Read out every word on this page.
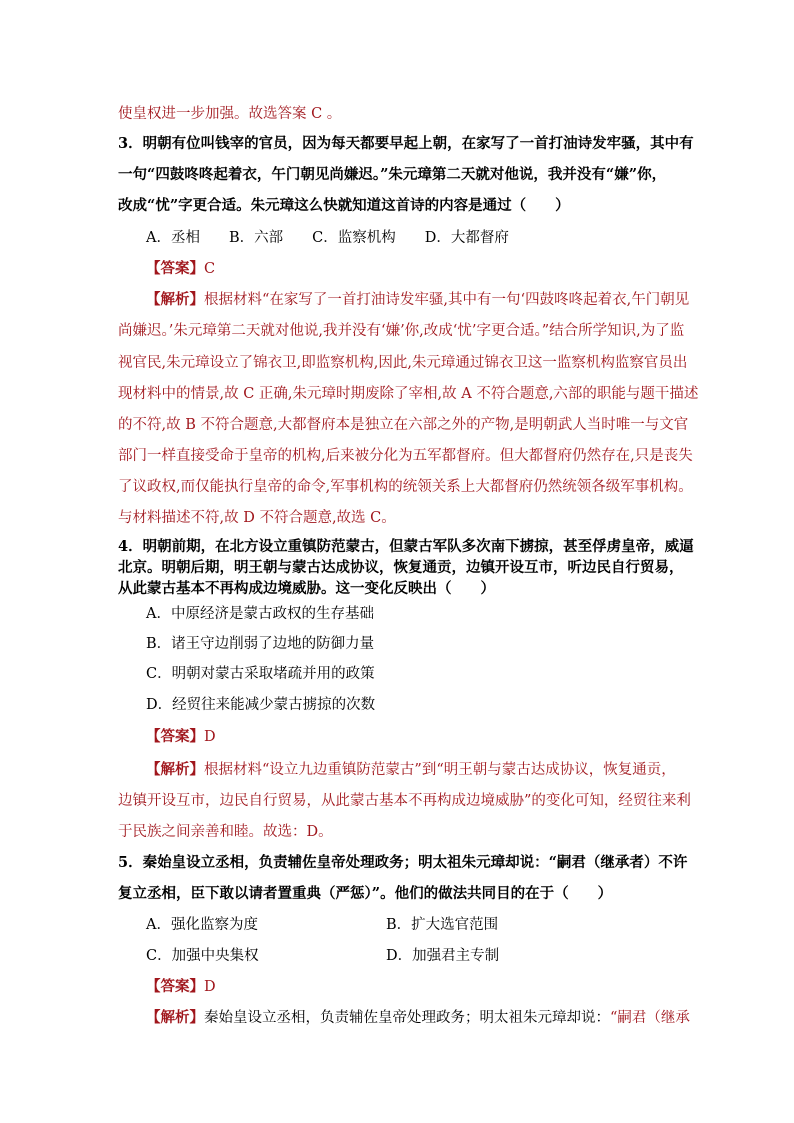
使皇权进一步加强。故选答案 C 。
3．明朝有位叫钱宰的官员，因为每天都要早起上朝，在家写了一首打油诗发牢骚，其中有
一句“四鼓咚咚起着衣，午门朝见尚嫌迟。”朱元璋第二天就对他说，我并没有“嫌”你，
改成“忧”字更合适。朱元璋这么快就知道这首诗的内容是通过（　　）
A．丞相　　B．六部　　C．监察机构　　D．大都督府
【答案】C
【解析】根据材料“在家写了一首打油诗发牢骚,其中有一句‘四鼓咚咚起着衣,午门朝见
尚嫌迟。’朱元璋第二天就对他说,我并没有‘嫌’你,改成‘忧’字更合适。”结合所学知识,为了监
视官民,朱元璋设立了锦衣卫,即监察机构,因此,朱元璋通过锦衣卫这一监察机构监察官员出
现材料中的情景,故 C 正确,朱元璋时期废除了宰相,故 A 不符合题意,六部的职能与题干描述
的不符,故 B 不符合题意,大都督府本是独立在六部之外的产物,是明朝武人当时唯一与文官
部门一样直接受命于皇帝的机构,后来被分化为五军都督府。但大都督府仍然存在,只是丧失
了议政权,而仅能执行皇帝的命令,军事机构的统领关系上大都督府仍然统领各级军事机构。
与材料描述不符,故 D 不符合题意,故选 C。
4．明朝前期，在北方设立重镇防范蒙古，但蒙古军队多次南下掳掠，甚至俘虏皇帝，威逼
北京。明朝后期，明王朝与蒙古达成协议，恢复通贡，边镇开设互市，听边民自行贸易，
从此蒙古基本不再构成边境威胁。这一变化反映出（　　）
A．中原经济是蒙古政权的生存基础
B．诸王守边削弱了边地的防御力量
C．明朝对蒙古采取堵疏并用的政策
D．经贸往来能减少蒙古掳掠的次数
【答案】D
【解析】根据材料“设立九边重镇防范蒙古”到“明王朝与蒙古达成协议，恢复通贡，
边镇开设互市，边民自行贸易，从此蒙古基本不再构成边境威胁”的变化可知，经贸往来利
于民族之间亲善和睦。故选：D。
5．秦始皇设立丞相，负责辅佐皇帝处理政务；明太祖朱元璋却说：“嗣君（继承者）不许
复立丞相，臣下敢以请者置重典（严惩）”。他们的做法共同目的在于（　　）
A．强化监察为度	B．扩大选官范围
C．加强中央集权	D．加强君主专制
【答案】D
【解析】秦始皇设立丞相，负责辅佐皇帝处理政务；明太祖朱元璋却说：“嗣君（继承
